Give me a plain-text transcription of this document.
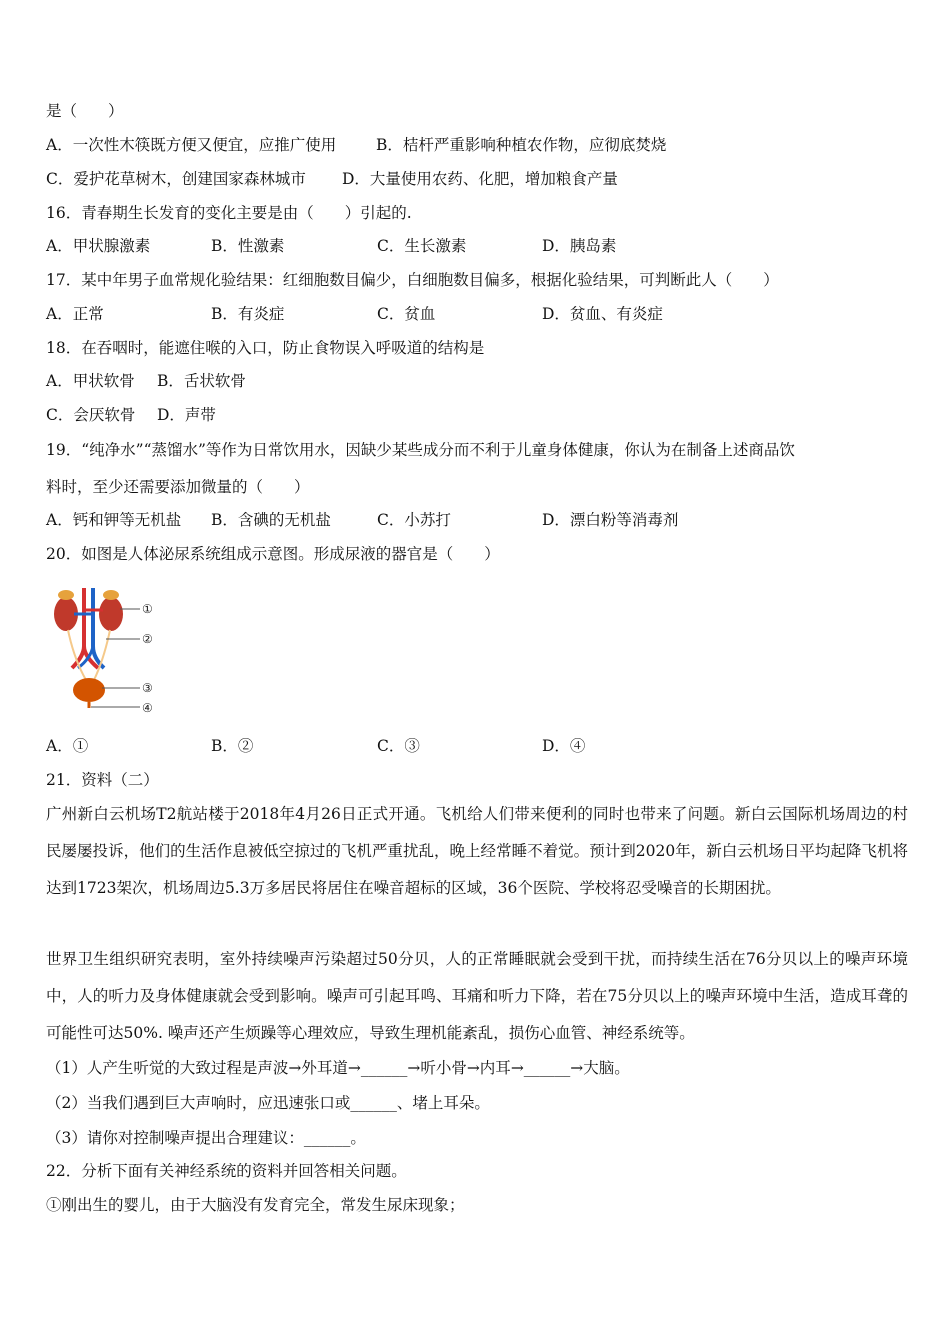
是（　　）
A．一次性木筷既方便又便宜，应推广使用	B．桔杆严重影响种植农作物，应彻底焚烧
C．爱护花草树木，创建国家森林城市 D．大量使用农药、化肥，增加粮食产量
16．青春期生长发育的变化主要是由（　　）引起的.
A．甲状腺激素	B．性激素	C．生长激素	D．胰岛素
17．某中年男子血常规化验结果：红细胞数目偏少，白细胞数目偏多，根据化验结果，可判断此人（　　）
A．正常	B．有炎症	C．贫血	D．贫血、有炎症
18．在吞咽时，能遮住喉的入口，防止食物误入呼吸道的结构是
A．甲状软骨 B．舌状软骨
C．会厌软骨 D．声带
19．“纯净水”“蒸馏水”等作为日常饮用水，因缺少某些成分而不利于儿童身体健康，你认为在制备上述商品饮
料时，至少还需要添加微量的（　　）
A．钙和钾等无机盐 B．含碘的无机盐	C．小苏打	D．漂白粉等消毒剂
20．如图是人体泌尿系统组成示意图。形成尿液的器官是（　　）
①
②
③
④
A．①	B．②	C．③	D．④
21．资料（二）
广州新白云机场T2航站楼于2018年4月26日正式开通。飞机给人们带来便利的同时也带来了问题。新白云国际机场周边的村民屡屡投诉，他们的生活作息被低空掠过的飞机严重扰乱，晚上经常睡不着觉。预计到2020年，新白云机场日平均起降飞机将达到1723架次，机场周边5.3万多居民将居住在噪音超标的区域，36个医院、学校将忍受噪音的长期困扰。
世界卫生组织研究表明，室外持续噪声污染超过50分贝，人的正常睡眠就会受到干扰，而持续生活在76分贝以上的噪声环境中，人的听力及身体健康就会受到影响。噪声可引起耳鸣、耳痛和听力下降，若在75分贝以上的噪声环境中生活，造成耳聋的可能性可达50%. 噪声还产生烦躁等心理效应，导致生理机能紊乱，损伤心血管、神经系统等。
（1）人产生听觉的大致过程是声波→外耳道→______→听小骨→内耳→______→大脑。
（2）当我们遇到巨大声响时，应迅速张口或______、堵上耳朵。
（3）请你对控制噪声提出合理建议：______。
22．分析下面有关神经系统的资料并回答相关问题。
①刚出生的婴儿，由于大脑没有发育完全，常发生尿床现象；
